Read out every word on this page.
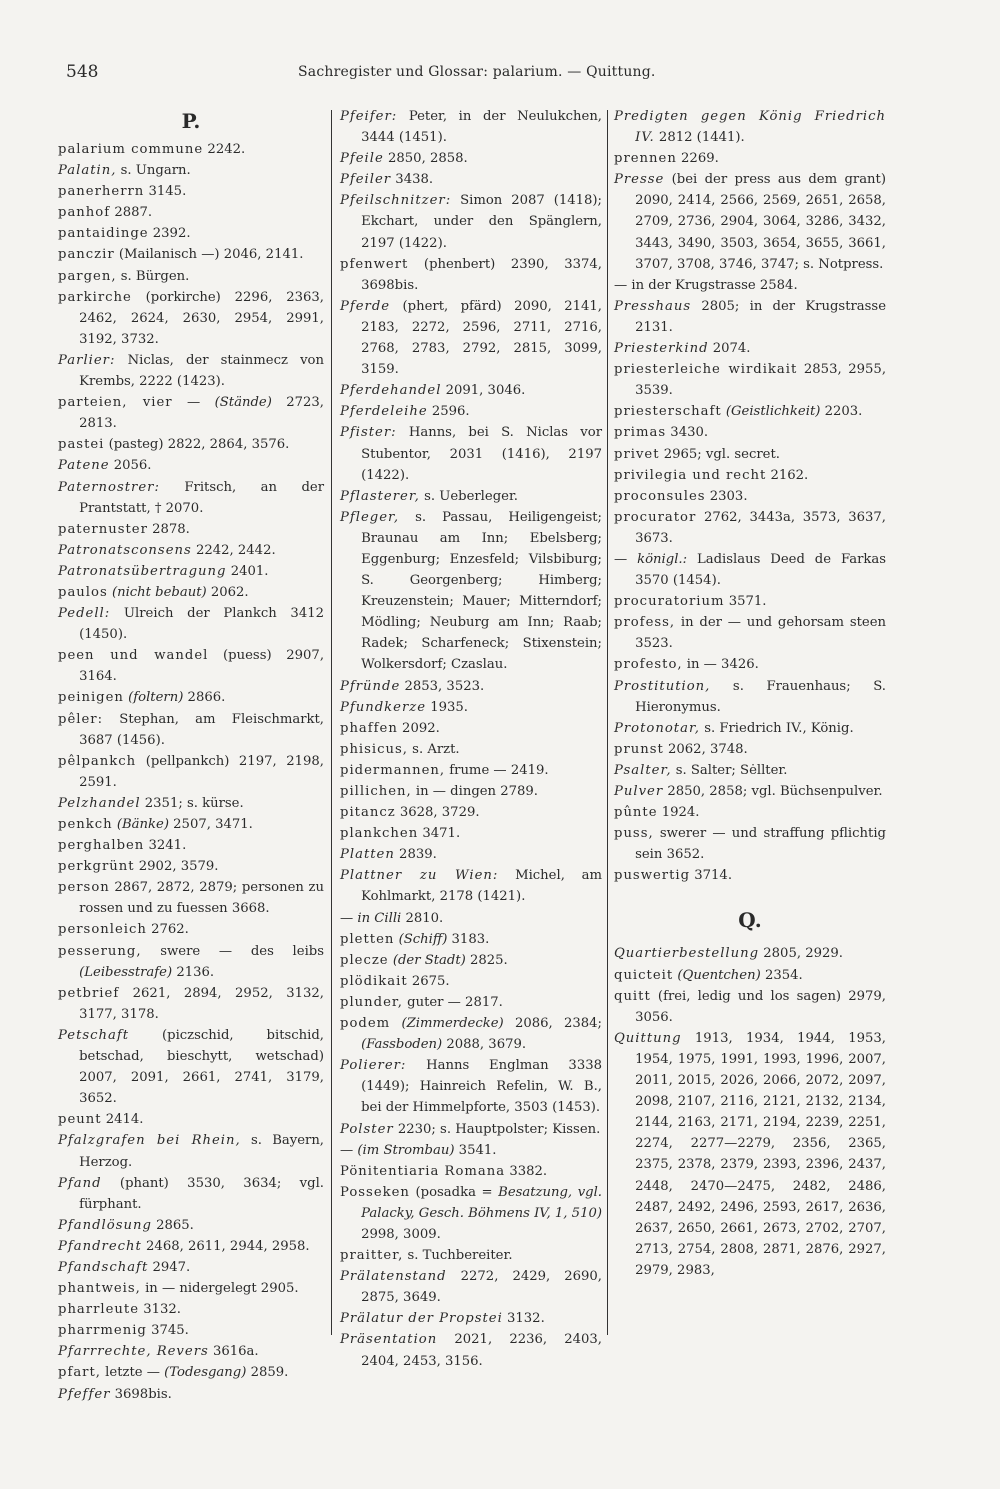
548	Sachregister und Glossar: palarium. — Quittung.
P.
palarium commune 2242.
Palatin, s. Ungarn.
panerherrn 3145.
panhof 2887.
pantaidinge 2392.
panczir (Mailanisch —) 2046, 2141.
pargen, s. Bürgen.
parkirche (porkirche) 2296, 2363, 2462, 2624, 2630, 2954, 2991, 3192, 3732.
Parlier: Niclas, der stainmecz von Krembs, 2222 (1423).
parteien, vier — (Stände) 2723, 2813.
pastei (pasteg) 2822, 2864, 3576.
Patene 2056.
Paternostrer: Fritsch, an der Prantstatt, † 2070.
paternuster 2878.
Patronatsconsens 2242, 2442.
Patronatsübertragung 2401.
paulos (nicht bebaut) 2062.
Pedell: Ulreich der Plankch 3412 (1450).
peen und wandel (puess) 2907, 3164.
peinigen (foltern) 2866.
pêler: Stephan, am Fleischmarkt, 3687 (1456).
pêlpankch (pellpankch) 2197, 2198, 2591.
Pelzhandel 2351; s. kürse.
penkch (Bänke) 2507, 3471.
perghalben 3241.
perkgrünt 2902, 3579.
person 2867, 2872, 2879; personen zu rossen und zu fuessen 3668.
personleich 2762.
pesserung, swere — des leibs (Leibesstrafe) 2136.
petbrief 2621, 2894, 2952, 3132, 3177, 3178.
Petschaft (piczschid, bitschid, betschad, bieschytt, wetschad) 2007, 2091, 2661, 2741, 3179, 3652.
peunt 2414.
Pfalzgrafen bei Rhein, s. Bayern, Herzog.
Pfand (phant) 3530, 3634; vgl. fürphant.
Pfandlösung 2865.
Pfandrecht 2468, 2611, 2944, 2958.
Pfandschaft 2947.
phantweis, in — nidergelegt 2905.
pharrleute 3132.
pharrmenig 3745.
Pfarrrechte, Revers 3616a.
pfart, letzte — (Todesgang) 2859.
Pfeffer 3698bis.
Pfeifer: Peter, in der Neulukchen, 3444 (1451).
Pfeile 2850, 2858.
Pfeiler 3438.
Pfeilschnitzer: Simon 2087 (1418); Ekchart, under den Spänglern, 2197 (1422).
pfenwert (phenbert) 2390, 3374, 3698bis.
Pferde (phert, pfärd) 2090, 2141, 2183, 2272, 2596, 2711, 2716, 2768, 2783, 2792, 2815, 3099, 3159.
Pferdehandel 2091, 3046.
Pferdeleihe 2596.
Pfister: Hanns, bei S. Niclas vor Stubentor, 2031 (1416), 2197 (1422).
Pflasterer, s. Ueberleger.
Pfleger, s. Passau, Heiligengeist; Braunau am Inn; Ebelsberg; Eggenburg; Enzesfeld; Vilsbiburg; S. Georgenberg; Himberg; Kreuzenstein; Mauer; Mitterndorf; Mödling; Neuburg am Inn; Raab; Radek; Scharfeneck; Stixenstein; Wolkersdorf; Czaslau.
Pfründe 2853, 3523.
Pfundkerze 1935.
phaffen 2092.
phisicus, s. Arzt.
pidermannen, frume — 2419.
pillichen, in — dingen 2789.
pitancz 3628, 3729.
plankchen 3471.
Platten 2839.
Plattner zu Wien: Michel, am Kohlmarkt, 2178 (1421).
— in Cilli 2810.
pletten (Schiff) 3183.
plecze (der Stadt) 2825.
plödikait 2675.
plunder, guter — 2817.
podem (Zimmerdecke) 2086, 2384; (Fassboden) 2088, 3679.
Polierer: Hanns Englman 3338 (1449); Hainreich Refelin, W. B., bei der Himmelpforte, 3503 (1453).
Polster 2230; s. Hauptpolster; Kissen.
— (im Strombau) 3541.
Pönitentiaria Romana 3382.
Posseken (posadka = Besatzung, vgl. Palacky, Gesch. Böhmens IV, 1, 510) 2998, 3009.
praitter, s. Tuchbereiter.
Prälatenstand 2272, 2429, 2690, 2875, 3649.
Prälatur der Propstei 3132.
Präsentation 2021, 2236, 2403, 2404, 2453, 3156.
Predigten gegen König Friedrich IV. 2812 (1441).
prennen 2269.
Presse (bei der press aus dem grant) 2090, 2414, 2566, 2569, 2651, 2658, 2709, 2736, 2904, 3064, 3286, 3432, 3443, 3490, 3503, 3654, 3655, 3661, 3707, 3708, 3746, 3747; s. Notpress.
— in der Krugstrasse 2584.
Presshaus 2805; in der Krugstrasse 2131.
Priesterkind 2074.
priesterleiche wirdikait 2853, 2955, 3539.
priesterschaft (Geistlichkeit) 2203.
primas 3430.
privet 2965; vgl. secret.
privilegia und recht 2162.
proconsules 2303.
procurator 2762, 3443a, 3573, 3637, 3673.
— königl.: Ladislaus Deed de Farkas 3570 (1454).
procuratorium 3571.
profess, in der — und gehorsam steen 3523.
profesto, in — 3426.
Prostitution, s. Frauenhaus; S. Hieronymus.
Protonotar, s. Friedrich IV., König.
prunst 2062, 3748.
Psalter, s. Salter; Sėllter.
Pulver 2850, 2858; vgl. Büchsenpulver.
pûnte 1924.
puss, swerer — und straffung pflichtig sein 3652.
puswertig 3714.
Q.
Quartierbestellung 2805, 2929.
quicteit (Quentchen) 2354.
quitt (frei, ledig und los sagen) 2979, 3056.
Quittung 1913, 1934, 1944, 1953, 1954, 1975, 1991, 1993, 1996, 2007, 2011, 2015, 2026, 2066, 2072, 2097, 2098, 2107, 2116, 2121, 2132, 2134, 2144, 2163, 2171, 2194, 2239, 2251, 2274, 2277—2279, 2356, 2365, 2375, 2378, 2379, 2393, 2396, 2437, 2448, 2470—2475, 2482, 2486, 2487, 2492, 2496, 2593, 2617, 2636, 2637, 2650, 2661, 2673, 2702, 2707, 2713, 2754, 2808, 2871, 2876, 2927, 2979, 2983,
